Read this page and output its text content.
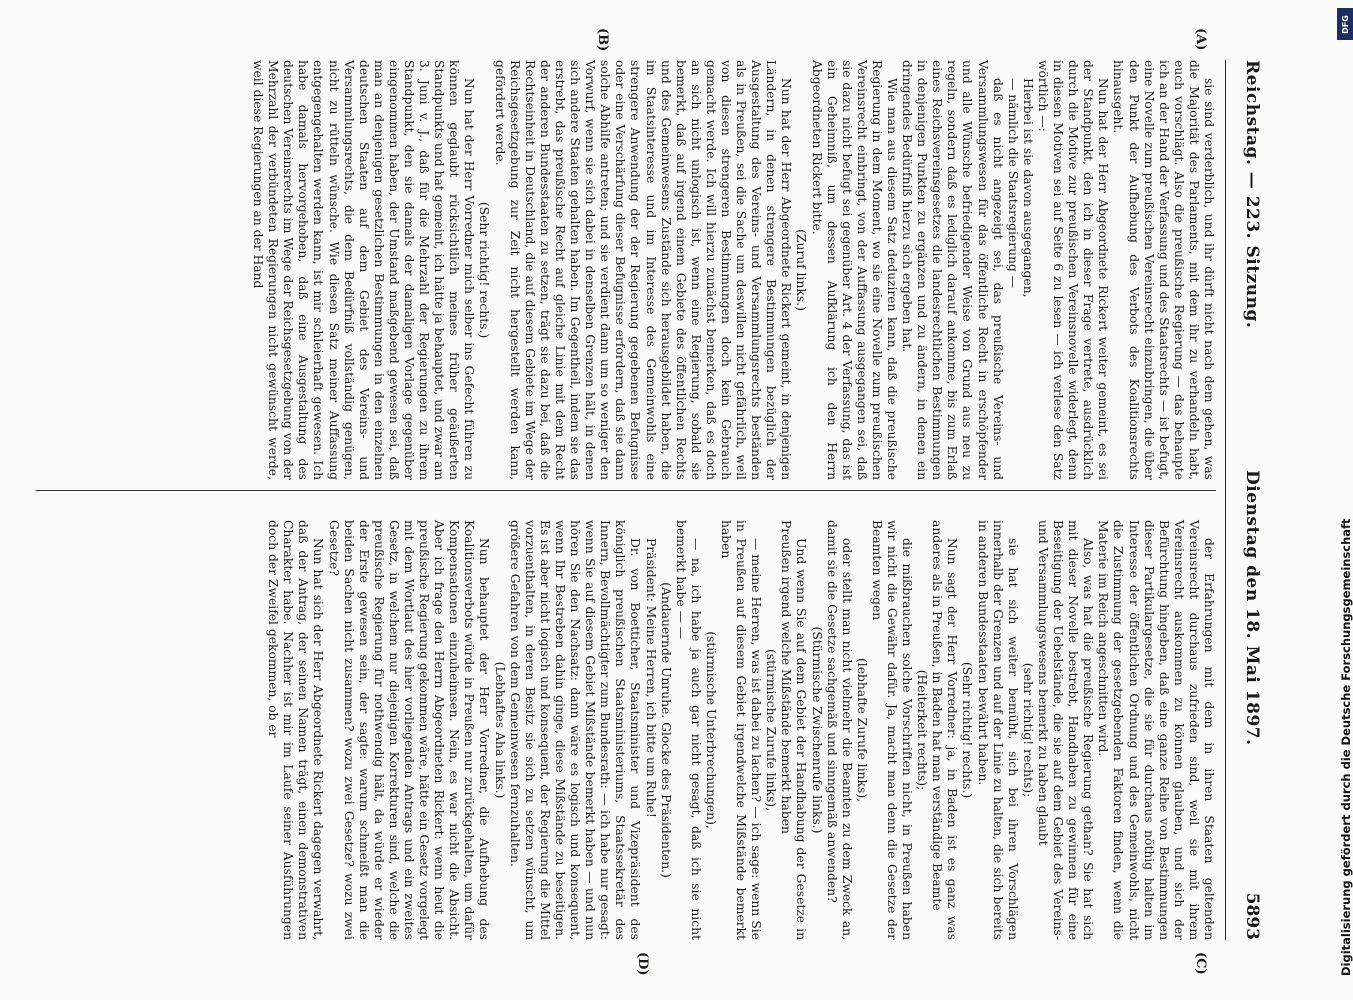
Reichstag. — 223. Sitzung.
Dienstag den 18. Mai 1897.
5893
(A)
(B)
(C)
(D)

sie sind verderblich, und ihr dürft nicht nach dem gehen, was die Majorität des Parlaments, mit dem ihr zu verhandeln habt, euch vorschlägt. Also die preußische Regierung — das behaupte ich an der Hand der Verfassung und des Staatsrechts — ist befugt, eine Novelle zum preußischen Vereinsrecht einzubringen, die über den Punkt der Aufhebung des Verbots des Koalitionsrechts hinausgeht.

Nun hat der Herr Abgeordnete Rickert weiter gemeint, es sei der Standpunkt, den ich in dieser Frage vertrete, ausdrücklich durch die Motive zur preußischen Vereinsnovelle widerlegt, denn in diesen Motiven sei auf Seite 6 zu lesen — ich verlese den Satz wörtlich —:

Hierbei ist sie davon ausgegangen,

— nämlich die Staatsregierung —

daß es nicht angezeigt sei, das preußische Vereins- und Versammlungswesen für das öffentliche Recht in erschöpfender und alle Wünsche befriedigender Weise von Grund aus neu zu regeln, sondern daß es lediglich darauf ankomme, bis zum Erlaß eines Reichsvereinsgesetzes die landesrechtlichen Bestimmungen in denjenigen Punkten zu ergänzen und zu ändern, in denen ein dringendes Bedürfniß hierzu sich ergeben hat.

Wie man aus diesem Satz deduziren kann, daß die preußische Regierung in dem Moment, wo sie eine Novelle zum preußischen Vereinsrecht einbringt, von der Auffassung ausgegangen sei, daß sie dazu nicht befugt sei gegenüber Art. 4 der Verfassung, das ist ein Geheimniß, um dessen Aufklärung ich den Herrn Abgeordneten Rickert bitte.

(Zuruf links.)

Nun hat der Herr Abgeordnete Rickert gemeint, in denjenigen Ländern, in denen strengere Bestimmungen bezüglich der Ausgestaltung des Vereins- und Versammlungsrechts beständen als in Preußen, sei die Sache um deswillen nicht gefährlich, weil von diesen strengeren Bestimmungen doch kein Gebrauch gemacht werde. Ich will hierzu zunächst bemerken, daß es doch an sich nicht unlogisch ist, wenn eine Regierung, sobald sie bemerkt, daß auf irgend einem Gebiete des öffentlichen Rechts und des Gemeinwesens Zustände sich herausgebildet haben, die im Staatsinteresse und im Interesse des Gemeinwohls eine strengere Anwendung der der Regierung gegebenen Befugnisse oder eine Verschärfung dieser Befugnisse erfordern, daß sie dann solche Abhilfe antreten; und sie verdient dann um so weniger den Vorwurf, wenn sie sich dabei in denselben Grenzen hält, in denen sich andere Staaten gehalten haben. Im Gegentheil, indem sie das erstrebt, das preußische Recht auf gleiche Linie mit dem Recht der anderen Bundesstaaten zu setzen, trägt sie dazu bei, daß die Rechtseinheit in Deutschland, die auf diesem Gebiete im Wege der Reichsgesetzgebung zur Zeit nicht hergestellt werden kann, gefördert werde.

(Sehr richtig! rechts.)

Nun hat der Herr Vorredner mich selber ins Gefecht führen zu können geglaubt rücksichtlich meines früher geäußerten Standpunkts und hat gemeint, ich hätte ja behauptet, und zwar am 3. Juni v. J., daß für die Mehrzahl der Regierungen zu ihrem Standpunkt, den sie damals der damaligen Vorlage gegenüber eingenommen haben, der Umstand maßgebend gewesen sei, daß man an denjenigen gesetzlichen Bestimmungen in den einzelnen deutschen Staaten auf dem Gebiet des Vereins- und Versammlungsrechts, die dem Bedürfniß vollständig genügen, nicht zu rütteln wünsche. Wie diesen Satz meiner Auffassung entgegengehalten werden kann, ist mir schleierhaft gewesen. Ich habe damals hervorgehoben, daß eine Ausgestaltung des deutschen Vereinsrechts im Wege der Reichsgesetzgebung von der Mehrzahl der verbündeten Regierungen nicht gewünscht werde, weil diese Regierungen an der Hand

der Erfahrungen mit dem in ihren Staaten geltenden Vereinsrecht durchaus zufrieden sind, weil sie mit ihrem Vereinsrecht auskommen zu können glauben, und sich der Befürchtung hingeben, daß eine ganze Reihe von Bestimmungen dieser Partikulargesetze, die sie für durchaus nöthig halten im Interesse der öffentlichen Ordnung und des Gemeinwohls, nicht die Zustimmung der gesetzgebenden Faktoren finden, wenn die Materie im Reich angeschnitten wird.

Also, was hat die preußische Regierung gethan? Sie hat sich mit dieser Novelle bestrebt, Handhaben zu gewinnen für eine Beseitigung der Uebelstände, die sie auf dem Gebiet des Vereins- und Versammlungswesens bemerkt zu haben glaubt

(sehr richtig! rechts);

sie hat sich weiter bemüht, sich bei ihren Vorschlägen innerhalb der Grenzen und auf der Linie zu halten, die sich bereits in anderen Bundesstaaten bewährt haben.

(Sehr richtig! rechts.)

Nun sagt der Herr Vorredner: ja, in Baden ist es ganz was anderes als in Preußen, in Baden hat man verständige Beamte

(Heiterkeit rechts);

die mißbrauchen solche Vorschriften nicht, in Preußen haben wir nicht die Gewähr dafür. Ja, macht man denn die Gesetze der Beamten wegen

(lebhafte Zurufe links),

oder stellt man nicht vielmehr die Beamten zu dem Zweck an, damit sie die Gesetze sachgemäß und sinngemäß anwenden?

(Stürmische Zwischenrufe links.)

Und wenn Sie auf dem Gebiet der Handhabung der Gesetze in Preußen irgend welche Mißstände bemerkt haben

(stürmische Zurufe links),

— meine Herren, was ist dabei zu lachen? — ich sage: wenn Sie in Preußen auf diesem Gebiet irgendwelche Mißstände bemerkt haben

(stürmische Unterbrechungen),

— na, ich habe ja auch gar nicht gesagt, daß ich sie nicht bemerkt habe — —

(Andauernde Unruhe. Glocke des Präsidenten.)

Präsident: Meine Herren, ich bitte um Ruhe!

Dr. von Boetticher, Staatsminister und Vizepräsident des königlich preußischen Staatsministeriums, Staatssekretär des Innern, Bevollmächtigter zum Bundesrath: — ich habe nur gesagt: wenn Sie auf diesem Gebiet Mißstände bemerkt haben — und nun hören Sie den Nachsatz: dann wäre es logisch und konsequent, wenn Ihr Bestreben dahin ginge, diese Mißstände zu beseitigen. Es ist aber nicht logisch und konsequent, der Regierung die Mittel vorzuenthalten, in deren Besitz sie sich zu setzen wünscht, um größere Gefahren von dem Gemeinwesen fernzuhalten.

(Lebhaftes Aha links.)

Nun behauptet der Herr Vorredner, die Aufhebung des Koalitionsverbots würde in Preußen nur zurückgehalten, um dafür Kompensationen einzuheimsen. Nein, es war nicht die Absicht. Aber ich frage den Herrn Abgeordneten Rickert: wenn heut die preußische Regierung gekommen wäre, hätte ein Gesetz vorgelegt mit dem Wortlaut des hier vorliegenden Antrags und ein zweites Gesetz, in welchem nur diejenigen Korrekturen sind, welche die preußische Regierung für nothwendig hält, da würde er wieder der Erste gewesen sein, der sagte: warum schmeißt man die beiden Sachen nicht zusammen? wozu zwei Gesetze? wozu zwei Gesetze?

Nun hat sich der Herr Abgeordnete Rickert dagegen verwahrt, daß der Antrag, der seinen Namen trägt, einen demonstrativen Charakter habe. Nachher ist mir im Laufe seiner Ausführungen doch der Zweifel gekommen, ob er

DFG
Digitalisierung gefördert durch die Deutsche Forschungsgemeinschaft
